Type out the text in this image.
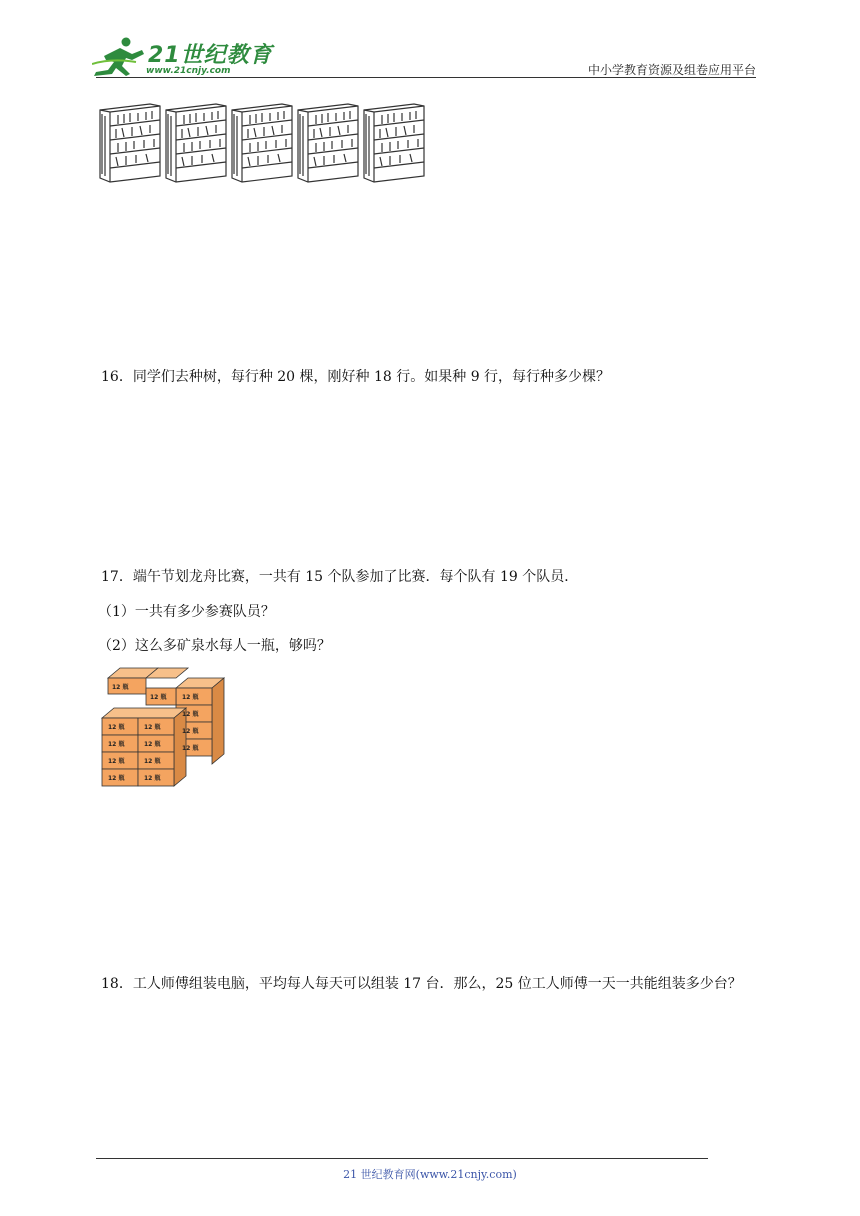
21世纪教育
www.21cnjy.com	中小学教育资源及组卷应用平台
16．同学们去种树，每行种 20 棵，刚好种 18 行。如果种 9 行，每行种多少棵？
17．端午节划龙舟比赛，一共有 15 个队参加了比赛．每个队有 19 个队员．
（1）一共有多少参赛队员？
（2）这么多矿泉水每人一瓶，够吗？
12 瓶
12 瓶	12 瓶
12 瓶
12 瓶
12 瓶
12 瓶	12 瓶
12 瓶	12 瓶
12 瓶	12 瓶
12 瓶	12 瓶
18．工人师傅组装电脑，平均每人每天可以组装 17 台．那么，25 位工人师傅一天一共能组装多少台？
21 世纪教育网(www.21cnjy.com)
